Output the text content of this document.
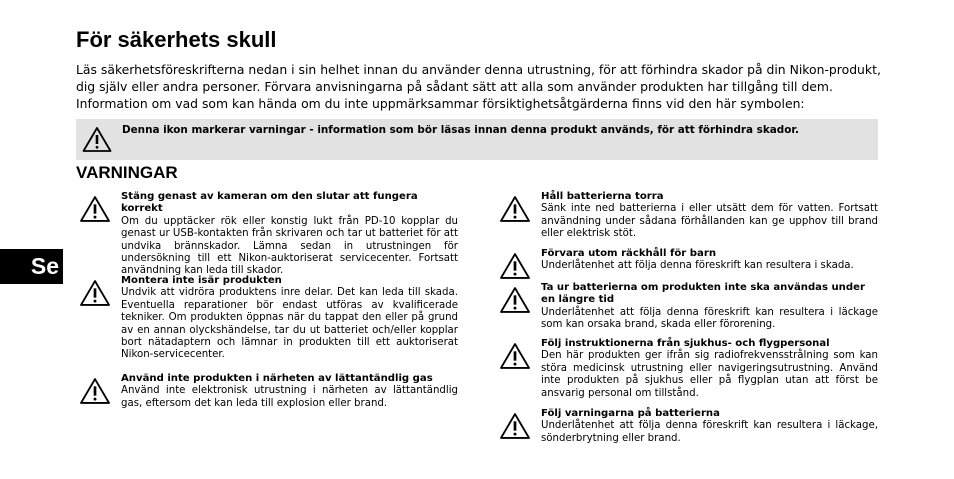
För säkerhets skull

Läs säkerhetsföreskrifterna nedan i sin helhet innan du använder denna utrustning, för att förhindra skador på din Nikon-produkt, dig själv eller andra personer. Förvara anvisningarna på sådant sätt att alla som använder produkten har tillgång till dem. Information om vad som kan hända om du inte uppmärksammar försiktighetsåtgärderna finns vid den här symbolen:

Denna ikon markerar varningar - information som bör läsas innan denna produkt används, för att förhindra skador.
VARNINGAR
Se
Stäng genast av kameran om den slutar att fungera korrekt
Om du upptäcker rök eller konstig lukt från PD-10 kopplar du genast ur USB-kontakten från skrivaren och tar ut batteriet för att undvika brännskador. Lämna sedan in utrustningen för undersökning till ett Nikon-auktoriserat servicecenter. Fortsatt användning kan leda till skador.
Montera inte isär produkten
Undvik att vidröra produktens inre delar. Det kan leda till skada. Eventuella reparationer bör endast utföras av kvalificerade tekniker. Om produkten öppnas när du tappat den eller på grund av en annan olyckshändelse, tar du ut batteriet och/eller kopplar bort nätadaptern och lämnar in produkten till ett auktoriserat Nikon-servicecenter.
Använd inte produkten i närheten av lättantändlig gas
Använd inte elektronisk utrustning i närheten av lättantändlig gas, eftersom det kan leda till explosion eller brand.
Håll batterierna torra
Sänk inte ned batterierna i eller utsätt dem för vatten. Fortsatt användning under sådana förhållanden kan ge upphov till brand eller elektrisk stöt.
Förvara utom räckhåll för barn
Underlåtenhet att följa denna föreskrift kan resultera i skada.
Ta ur batterierna om produkten inte ska användas under en längre tid
Underlåtenhet att följa denna föreskrift kan resultera i läckage som kan orsaka brand, skada eller förorening.
Följ instruktionerna från sjukhus- och flygpersonal
Den här produkten ger ifrån sig radiofrekvensstrålning som kan störa medicinsk utrustning eller navigeringsutrustning. Använd inte produkten på sjukhus eller på flygplan utan att först be ansvarig personal om tillstånd.
Följ varningarna på batterierna
Underlåtenhet att följa denna föreskrift kan resultera i läckage, sönderbrytning eller brand.
